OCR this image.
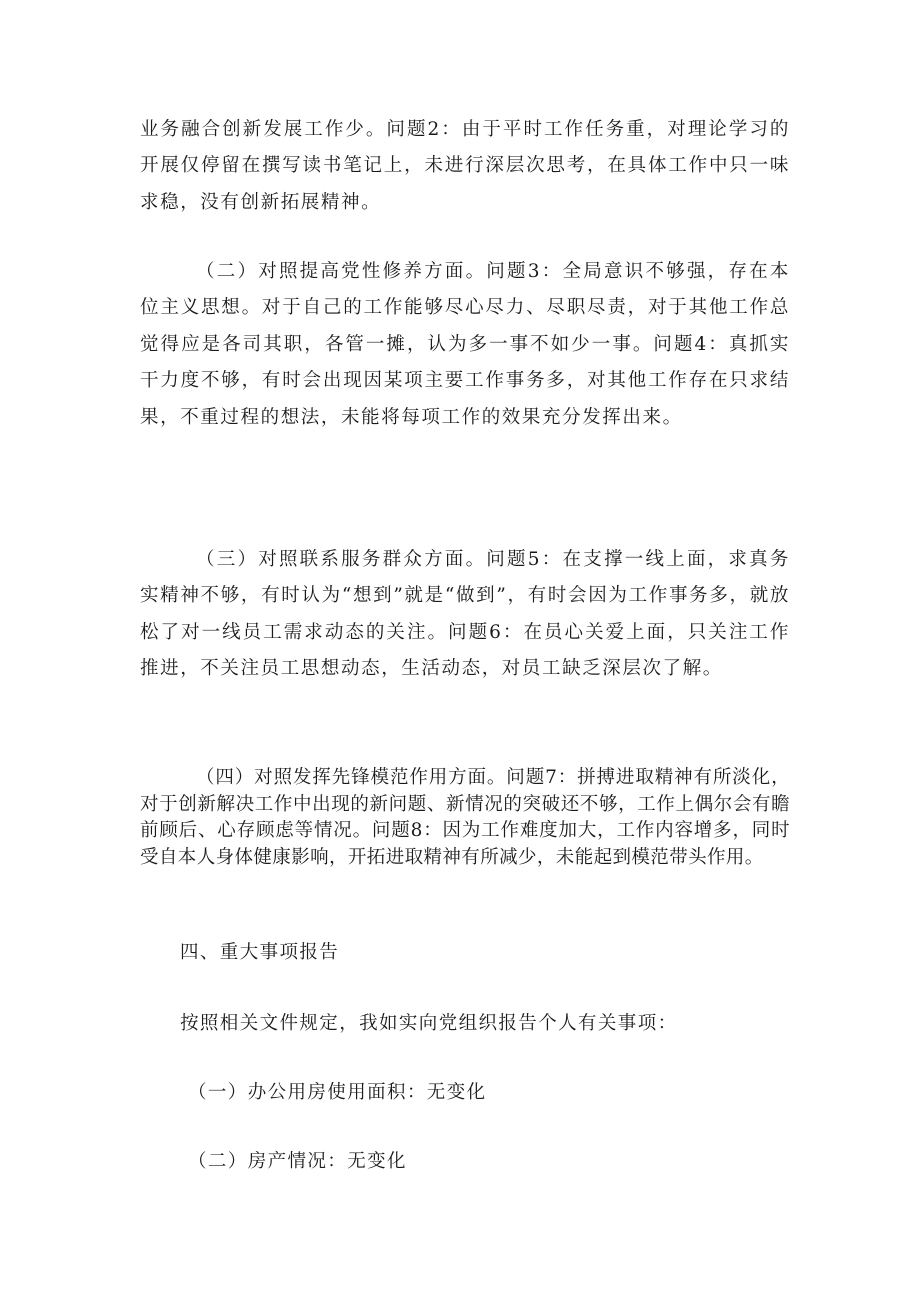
业务融合创新发展工作少。问题2：由于平时工作任务重，对理论学习的开展仅停留在撰写读书笔记上，未进行深层次思考，在具体工作中只一味求稳，没有创新拓展精神。

（二）对照提高党性修养方面。问题3：全局意识不够强，存在本位主义思想。对于自己的工作能够尽心尽力、尽职尽责，对于其他工作总觉得应是各司其职，各管一摊，认为多一事不如少一事。问题4：真抓实干力度不够，有时会出现因某项主要工作事务多，对其他工作存在只求结果，不重过程的想法，未能将每项工作的效果充分发挥出来。

（三）对照联系服务群众方面。问题5：在支撑一线上面，求真务实精神不够，有时认为“想到”就是“做到”，有时会因为工作事务多，就放松了对一线员工需求动态的关注。问题6：在员心关爱上面，只关注工作推进，不关注员工思想动态，生活动态，对员工缺乏深层次了解。

（四）对照发挥先锋模范作用方面。问题7：拼搏进取精神有所淡化，对于创新解决工作中出现的新问题、新情况的突破还不够，工作上偶尔会有瞻前顾后、心存顾虑等情况。问题8：因为工作难度加大，工作内容增多，同时受自本人身体健康影响，开拓进取精神有所减少，未能起到模范带头作用。

四、重大事项报告

按照相关文件规定，我如实向党组织报告个人有关事项：

（一）办公用房使用面积：无变化

（二）房产情况：无变化
